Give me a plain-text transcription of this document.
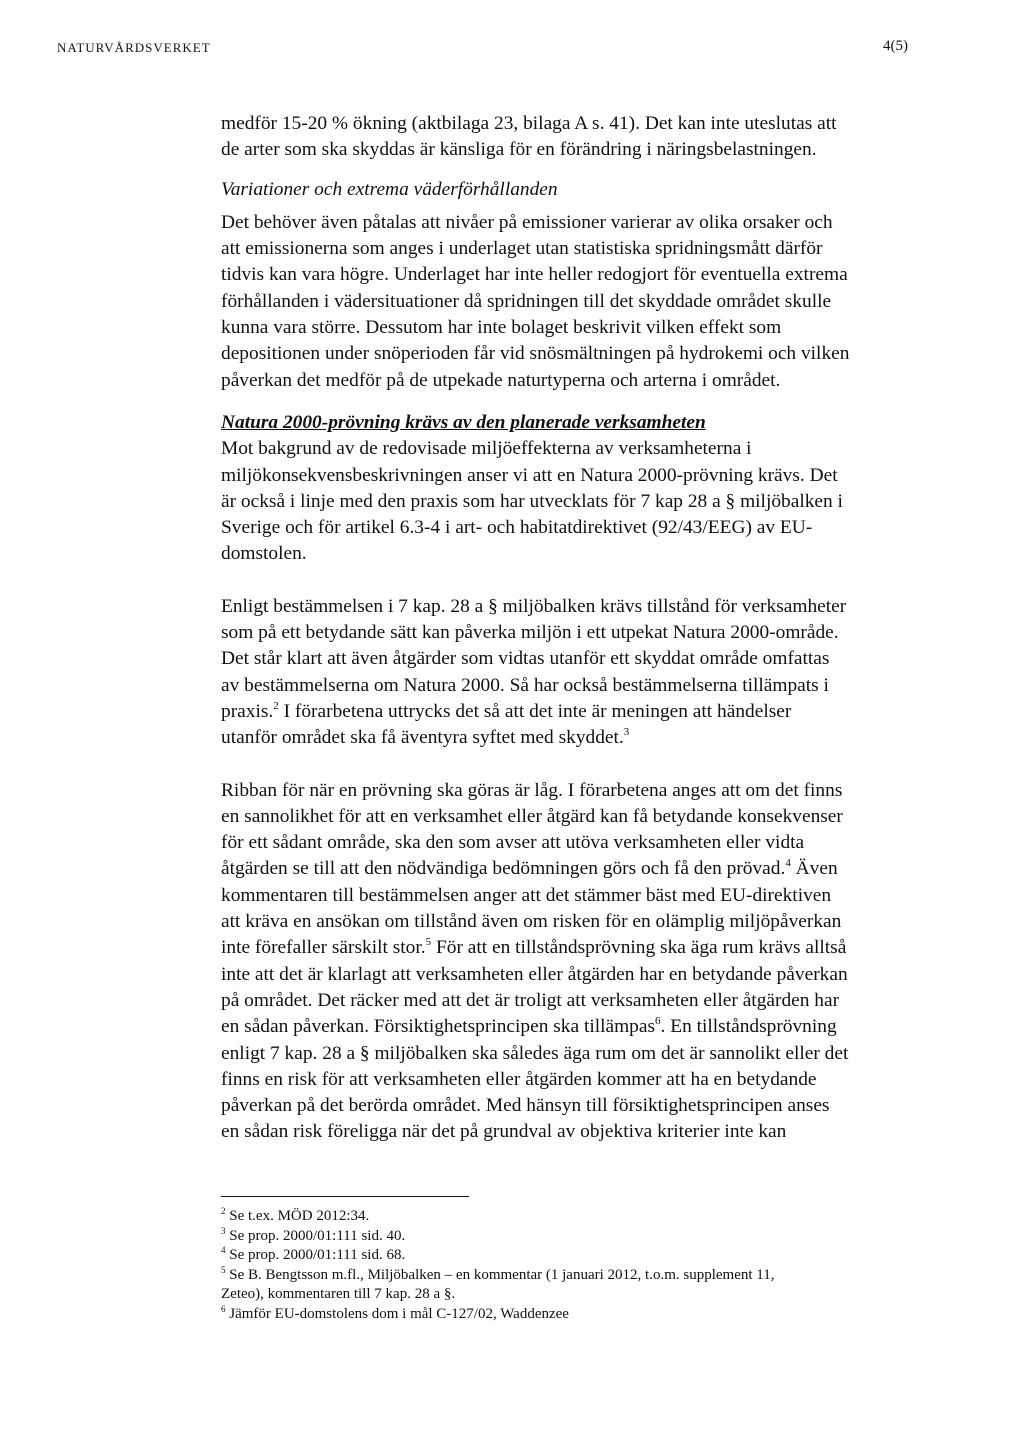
NATURVÅRDSVERKET	4(5)

medför 15-20 % ökning (aktbilaga 23, bilaga A s. 41). Det kan inte uteslutas att

de arter som ska skyddas är känsliga för en förändring i näringsbelastningen.

Variationer och extrema väderförhållanden

Det behöver även påtalas att nivåer på emissioner varierar av olika orsaker och

att emissionerna som anges i underlaget utan statistiska spridningsmått därför

tidvis kan vara högre. Underlaget har inte heller redogjort för eventuella extrema

förhållanden i vädersituationer då spridningen till det skyddade området skulle

kunna vara större. Dessutom har inte bolaget beskrivit vilken effekt som

depositionen under snöperioden får vid snösmältningen på hydrokemi och vilken

påverkan det medför på de utpekade naturtyperna och arterna i området.

Natura 2000-prövning krävs av den planerade verksamheten

Mot bakgrund av de redovisade miljöeffekterna av verksamheterna i

miljökonsekvensbeskrivningen anser vi att en Natura 2000-prövning krävs. Det

är också i linje med den praxis som har utvecklats för 7 kap 28 a § miljöbalken i

Sverige och för artikel 6.3-4 i art- och habitatdirektivet (92/43/EEG) av EU-

domstolen.

Enligt bestämmelsen i 7 kap. 28 a § miljöbalken krävs tillstånd för verksamheter

som på ett betydande sätt kan påverka miljön i ett utpekat Natura 2000-område.

Det står klart att även åtgärder som vidtas utanför ett skyddat område omfattas

av bestämmelserna om Natura 2000. Så har också bestämmelserna tillämpats i

praxis.$^2$ I förarbetena uttrycks det så att det inte är meningen att händelser

utanför området ska få äventyra syftet med skyddet.$^3$

Ribban för när en prövning ska göras är låg. I förarbetena anges att om det finns

en sannolikhet för att en verksamhet eller åtgärd kan få betydande konsekvenser

för ett sådant område, ska den som avser att utöva verksamheten eller vidta

åtgärden se till att den nödvändiga bedömningen görs och få den prövad.$^4$ Även

kommentaren till bestämmelsen anger att det stämmer bäst med EU-direktiven

att kräva en ansökan om tillstånd även om risken för en olämplig miljöpåverkan

inte förefaller särskilt stor.$^5$ För att en tillståndsprövning ska äga rum krävs alltså

inte att det är klarlagt att verksamheten eller åtgärden har en betydande påverkan

på området. Det räcker med att det är troligt att verksamheten eller åtgärden har

en sådan påverkan. Försiktighetsprincipen ska tillämpas$^6$. En tillståndsprövning

enligt 7 kap. 28 a § miljöbalken ska således äga rum om det är sannolikt eller det

finns en risk för att verksamheten eller åtgärden kommer att ha en betydande

påverkan på det berörda området. Med hänsyn till försiktighetsprincipen anses

en sådan risk föreligga när det på grundval av objektiva kriterier inte kan

$^2$ Se t.ex. MÖD 2012:34.

$^3$ Se prop. 2000/01:111 sid. 40.

$^4$ Se prop. 2000/01:111 sid. 68.

$^5$ Se B. Bengtsson m.fl., Miljöbalken – en kommentar (1 januari 2012, t.o.m. supplement 11,

Zeteo), kommentaren till 7 kap. 28 a §.

$^6$ Jämför EU-domstolens dom i mål C-127/02, Waddenzee
